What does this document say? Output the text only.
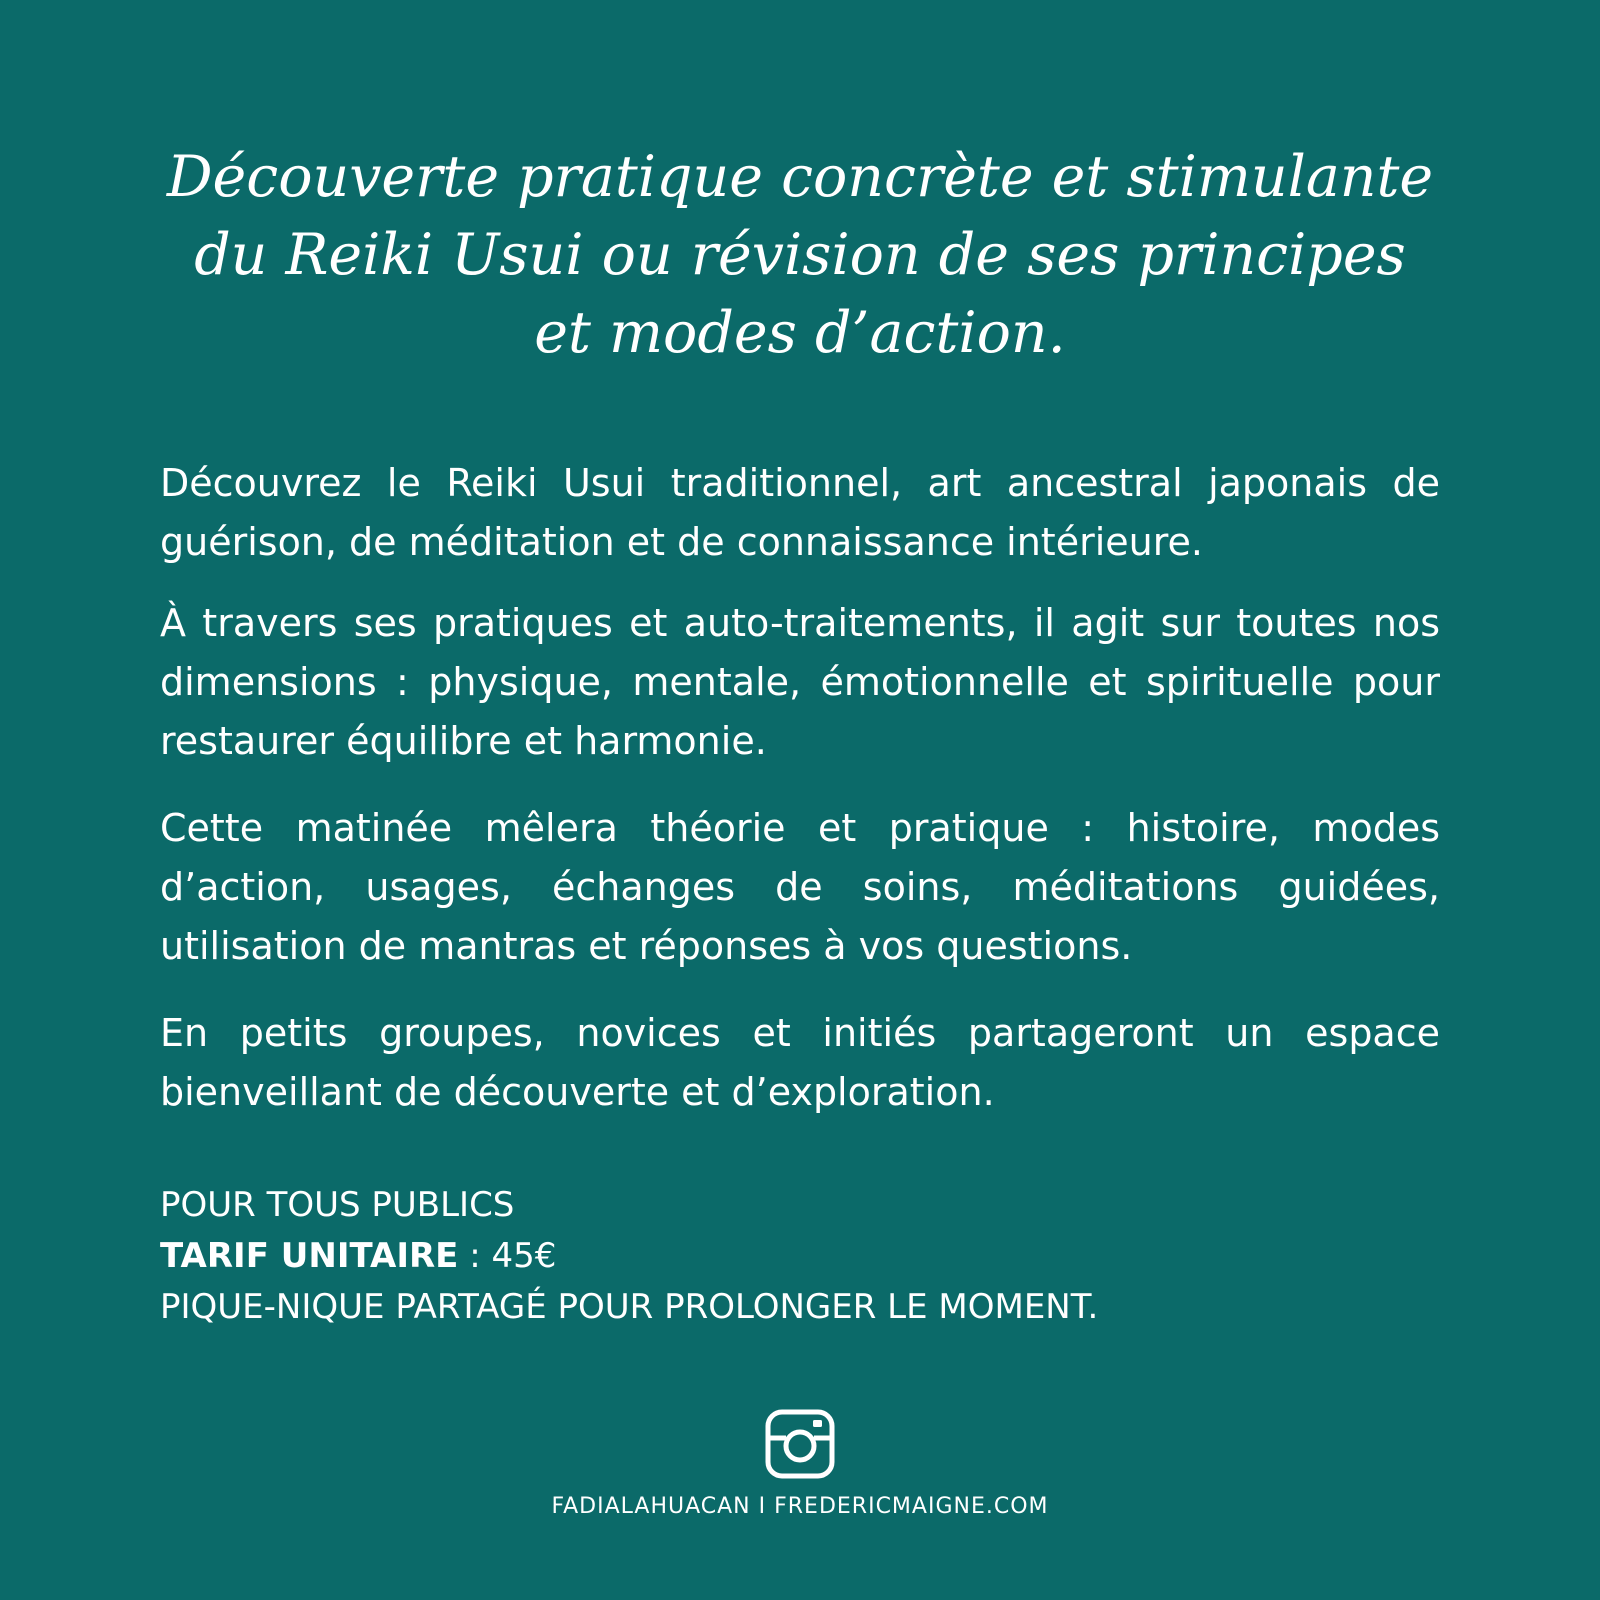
Découverte pratique concrète et stimulante
du Reiki Usui ou révision de ses principes
et modes d’action.

Découvrez le Reiki Usui traditionnel, art ancestral japonais de guérison, de méditation et de connaissance intérieure.

À travers ses pratiques et auto-traitements, il agit sur toutes nos dimensions : physique, mentale, émotionnelle et spirituelle pour restaurer équilibre et harmonie.

Cette matinée mêlera théorie et pratique : histoire, modes d’action, usages, échanges de soins, méditations guidées, utilisation de mantras et réponses à vos questions.

En petits groupes, novices et initiés partageront un espace bienveillant de découverte et d’exploration.

POUR TOUS PUBLICS
TARIF UNITAIRE : 45€
PIQUE-NIQUE PARTAGÉ POUR PROLONGER LE MOMENT.
FADIALAHUACAN I FREDERICMAIGNE.COM
